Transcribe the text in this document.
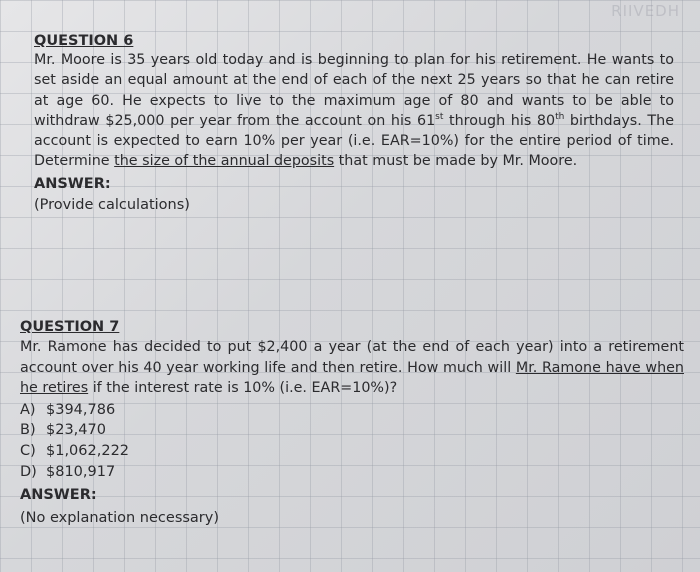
RIIVEDH

QUESTION 6

Mr. Moore is 35 years old today and is beginning to plan for his retirement. He wants to set aside an equal amount at the end of each of the next 25 years so that he can retire at age 60. He expects to live to the maximum age of 80 and wants to be able to withdraw $25,000 per year from the account on his 61st through his 80th birthdays. The account is expected to earn 10% per year (i.e. EAR=10%) for the entire period of time. Determine the size of the annual deposits that must be made by Mr. Moore.

ANSWER:

(Provide calculations)

QUESTION 7

Mr. Ramone has decided to put $2,400 a year (at the end of each year) into a retirement account over his 40 year working life and then retire. How much will Mr. Ramone have when he retires if the interest rate is 10% (i.e. EAR=10%)?

A) $394,786
B) $23,470
C) $1,062,222
D) $810,917

ANSWER:

(No explanation necessary)
